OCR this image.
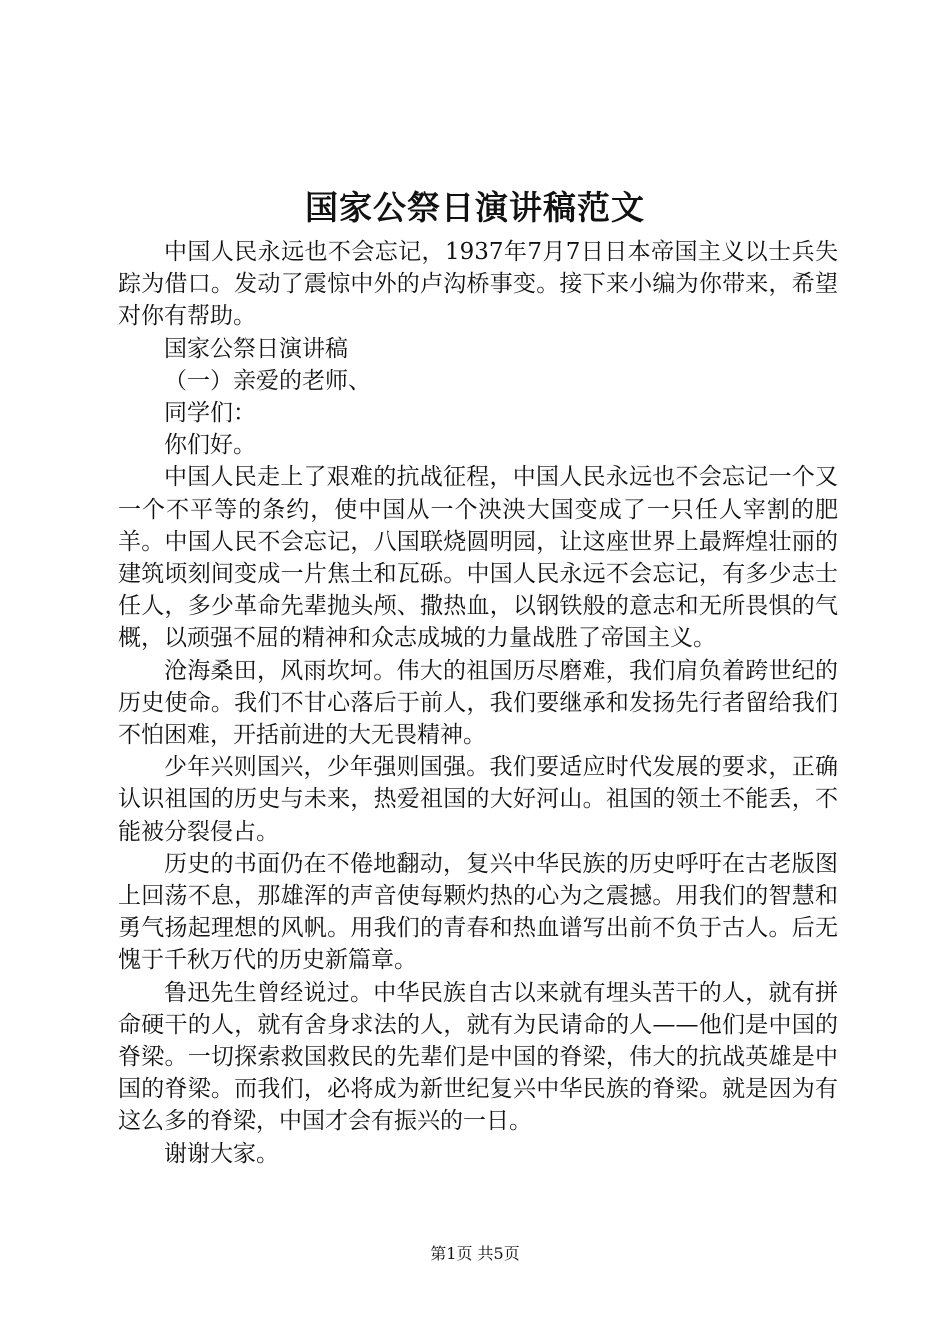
国家公祭日演讲稿范文

中国人民永远也不会忘记，1937年7月7日日本帝国主义以士兵失踪为借口。发动了震惊中外的卢沟桥事变。接下来小编为你带来，希望对你有帮助。

国家公祭日演讲稿

（一）亲爱的老师、

同学们：

你们好。

中国人民走上了艰难的抗战征程，中国人民永远也不会忘记一个又一个不平等的条约，使中国从一个泱泱大国变成了一只任人宰割的肥羊。中国人民不会忘记，八国联烧圆明园，让这座世界上最辉煌壮丽的建筑顷刻间变成一片焦土和瓦砾。中国人民永远不会忘记，有多少志士任人，多少革命先辈抛头颅、撒热血，以钢铁般的意志和无所畏惧的气概，以顽强不屈的精神和众志成城的力量战胜了帝国主义。

沧海桑田，风雨坎坷。伟大的祖国历尽磨难，我们肩负着跨世纪的历史使命。我们不甘心落后于前人，我们要继承和发扬先行者留给我们不怕困难，开括前进的大无畏精神。

少年兴则国兴，少年强则国强。我们要适应时代发展的要求，正确认识祖国的历史与未来，热爱祖国的大好河山。祖国的领土不能丢，不能被分裂侵占。

历史的书面仍在不倦地翻动，复兴中华民族的历史呼吁在古老版图上回荡不息，那雄浑的声音使每颗灼热的心为之震撼。用我们的智慧和勇气扬起理想的风帆。用我们的青春和热血谱写出前不负于古人。后无愧于千秋万代的历史新篇章。

鲁迅先生曾经说过。中华民族自古以来就有埋头苦干的人，就有拼命硬干的人，就有舍身求法的人，就有为民请命的人——他们是中国的脊梁。一切探索救国救民的先辈们是中国的脊梁，伟大的抗战英雄是中国的脊梁。而我们，必将成为新世纪复兴中华民族的脊梁。就是因为有这么多的脊梁，中国才会有振兴的一日。

谢谢大家。

第1页 共5页
